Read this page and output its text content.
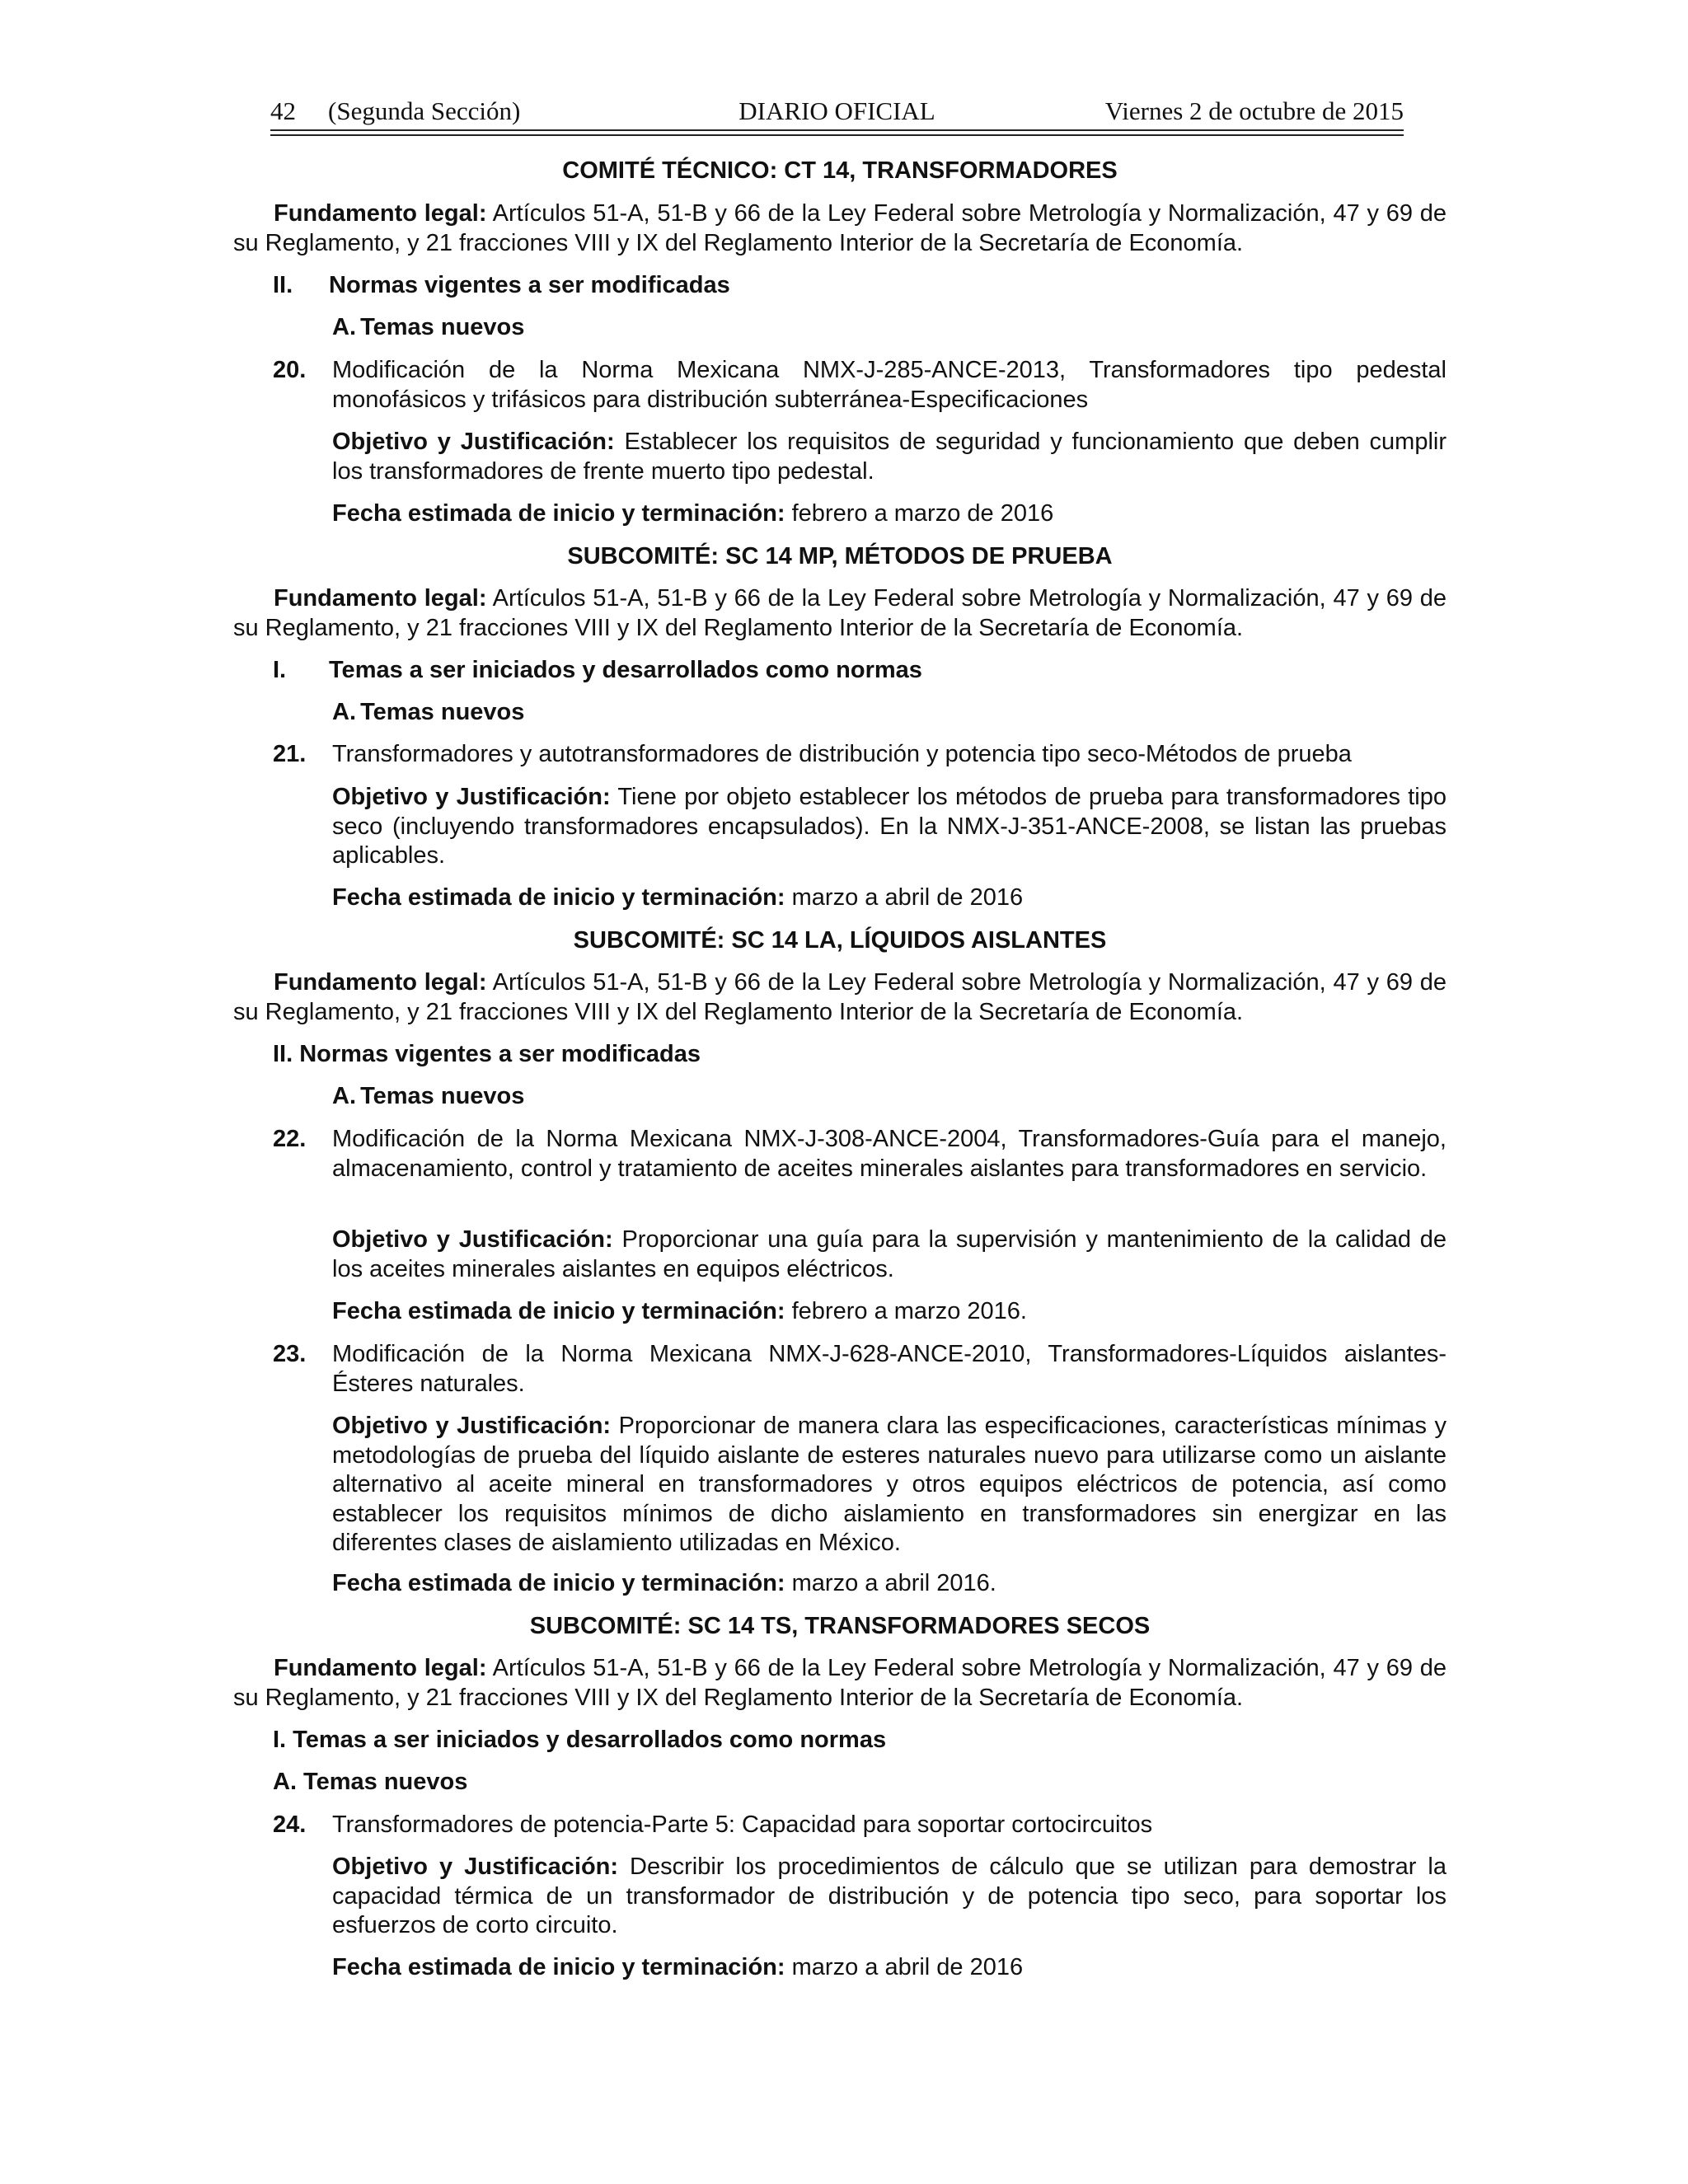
42 (Segunda Sección)	DIARIO OFICIAL	Viernes 2 de octubre de 2015
COMITÉ TÉCNICO: CT 14, TRANSFORMADORES
Fundamento legal: Artículos 51-A, 51-B y 66 de la Ley Federal sobre Metrología y Normalización, 47 y 69 de su Reglamento, y 21 fracciones VIII y IX del Reglamento Interior de la Secretaría de Economía.
II. Normas vigentes a ser modificadas
A. Temas nuevos
20. Modificación de la Norma Mexicana NMX-J-285-ANCE-2013, Transformadores tipo pedestal monofásicos y trifásicos para distribución subterránea-Especificaciones
Objetivo y Justificación: Establecer los requisitos de seguridad y funcionamiento que deben cumplir los transformadores de frente muerto tipo pedestal.
Fecha estimada de inicio y terminación: febrero a marzo de 2016
SUBCOMITÉ: SC 14 MP, MÉTODOS DE PRUEBA
Fundamento legal: Artículos 51-A, 51-B y 66 de la Ley Federal sobre Metrología y Normalización, 47 y 69 de su Reglamento, y 21 fracciones VIII y IX del Reglamento Interior de la Secretaría de Economía.
I. Temas a ser iniciados y desarrollados como normas
A. Temas nuevos
21. Transformadores y autotransformadores de distribución y potencia tipo seco-Métodos de prueba
Objetivo y Justificación: Tiene por objeto establecer los métodos de prueba para transformadores tipo seco (incluyendo transformadores encapsulados). En la NMX-J-351-ANCE-2008, se listan las pruebas aplicables.
Fecha estimada de inicio y terminación: marzo a abril de 2016
SUBCOMITÉ: SC 14 LA, LÍQUIDOS AISLANTES
Fundamento legal: Artículos 51-A, 51-B y 66 de la Ley Federal sobre Metrología y Normalización, 47 y 69 de su Reglamento, y 21 fracciones VIII y IX del Reglamento Interior de la Secretaría de Economía.
II. Normas vigentes a ser modificadas
A. Temas nuevos
22. Modificación de la Norma Mexicana NMX-J-308-ANCE-2004, Transformadores-Guía para el manejo, almacenamiento, control y tratamiento de aceites minerales aislantes para transformadores en servicio.
Objetivo y Justificación: Proporcionar una guía para la supervisión y mantenimiento de la calidad de los aceites minerales aislantes en equipos eléctricos.
Fecha estimada de inicio y terminación: febrero a marzo 2016.
23. Modificación de la Norma Mexicana NMX-J-628-ANCE-2010, Transformadores-Líquidos aislantes-Ésteres naturales.
Objetivo y Justificación: Proporcionar de manera clara las especificaciones, características mínimas y metodologías de prueba del líquido aislante de esteres naturales nuevo para utilizarse como un aislante alternativo al aceite mineral en transformadores y otros equipos eléctricos de potencia, así como establecer los requisitos mínimos de dicho aislamiento en transformadores sin energizar en las diferentes clases de aislamiento utilizadas en México.
Fecha estimada de inicio y terminación: marzo a abril 2016.
SUBCOMITÉ: SC 14 TS, TRANSFORMADORES SECOS
Fundamento legal: Artículos 51-A, 51-B y 66 de la Ley Federal sobre Metrología y Normalización, 47 y 69 de su Reglamento, y 21 fracciones VIII y IX del Reglamento Interior de la Secretaría de Economía.
I. Temas a ser iniciados y desarrollados como normas
A. Temas nuevos
24. Transformadores de potencia-Parte 5: Capacidad para soportar cortocircuitos
Objetivo y Justificación: Describir los procedimientos de cálculo que se utilizan para demostrar la capacidad térmica de un transformador de distribución y de potencia tipo seco, para soportar los esfuerzos de corto circuito.
Fecha estimada de inicio y terminación: marzo a abril de 2016
